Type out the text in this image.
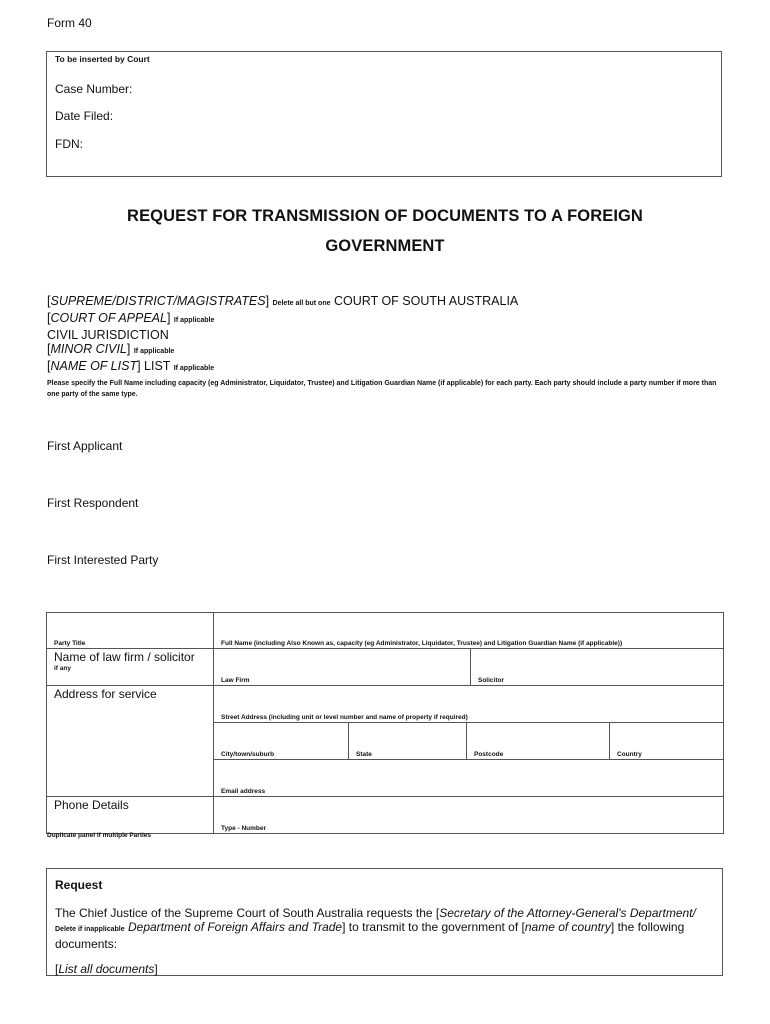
Form 40
To be inserted by Court
Case Number:
Date Filed:
FDN:
REQUEST FOR TRANSMISSION OF DOCUMENTS TO A FOREIGN
GOVERNMENT
[SUPREME/DISTRICT/MAGISTRATES] Delete all but one COURT OF SOUTH AUSTRALIA
[COURT OF APPEAL] If applicable
CIVIL JURISDICTION
[MINOR CIVIL] If applicable
[NAME OF LIST] LIST If applicable
Please specify the Full Name including capacity (eg Administrator, Liquidator, Trustee) and Litigation Guardian Name (if applicable) for each party. Each party should include a party number if more than one party of the same type.
First Applicant
First Respondent
First Interested Party
Party Title	Full Name (including Also Known as, capacity (eg Administrator, Liquidator, Trustee) and Litigation Guardian Name (if applicable))				

Name of law firm / solicitor
if any	Law Firm			Solicitor	

Address for service	Street Address (including unit or level number and name of property if required)				

	City/town/suburb	State	Postcode		Country

	Email address				

Phone Details	Type - Number				
Duplicate panel if multiple Parties
Request
The Chief Justice of the Supreme Court of South Australia requests the [Secretary of the Attorney-General's Department/ Delete if inapplicable Department of Foreign Affairs and Trade] to transmit to the government of [name of country] the following documents:
[List all documents]
